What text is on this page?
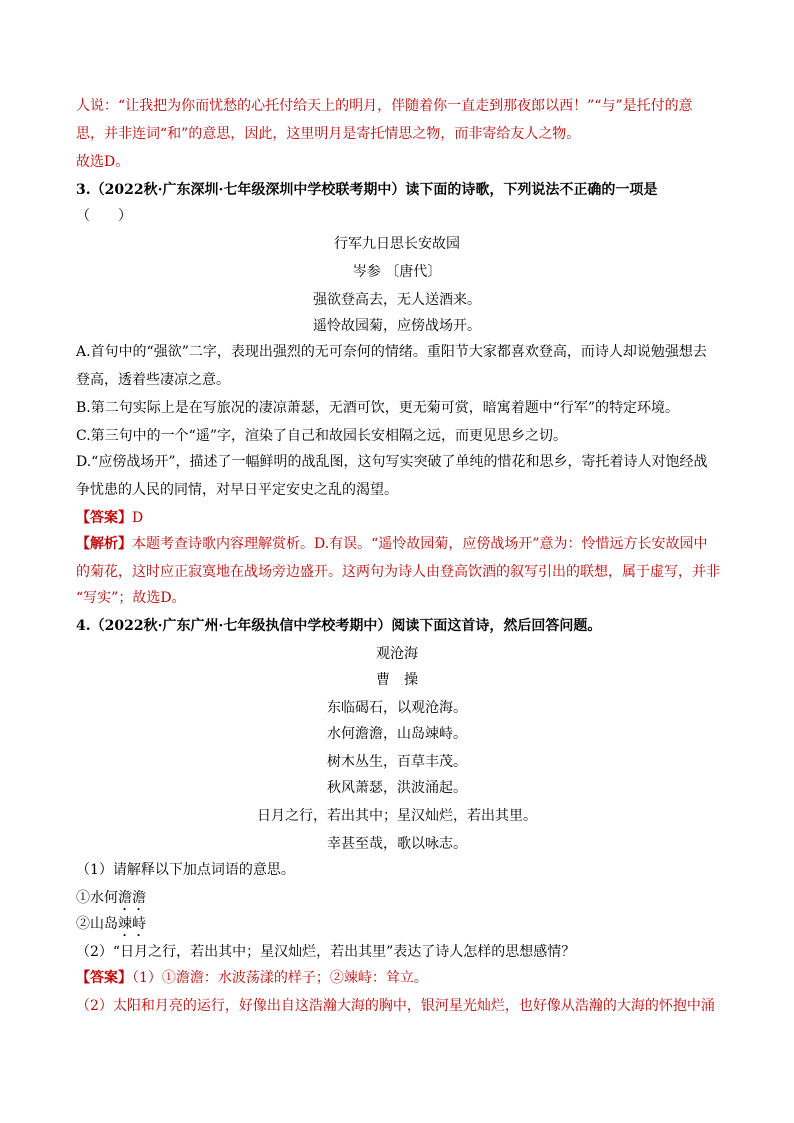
人说：“让我把为你而忧愁的心托付给天上的明月，伴随着你一直走到那夜郎以西！”“与”是托付的意
思，并非连词“和”的意思，因此，这里明月是寄托情思之物，而非寄给友人之物。
故选D。
3.（2022秋·广东深圳·七年级深圳中学校联考期中）读下面的诗歌，下列说法不正确的一项是
（　　）
行军九日思长安故园
岑参 〔唐代〕
强欲登高去，无人送酒来。
遥怜故园菊，应傍战场开。
A.首句中的“强欲”二字，表现出强烈的无可奈何的情绪。重阳节大家都喜欢登高，而诗人却说勉强想去
登高，透着些凄凉之意。
B.第二句实际上是在写旅况的凄凉萧瑟，无酒可饮，更无菊可赏，暗寓着题中“行军”的特定环境。
C.第三句中的一个“遥”字，渲染了自己和故园长安相隔之远，而更见思乡之切。
D.“应傍战场开”，描述了一幅鲜明的战乱图，这句写实突破了单纯的惜花和思乡，寄托着诗人对饱经战
争忧患的人民的同情，对早日平定安史之乱的渴望。
【答案】D
【解析】本题考查诗歌内容理解赏析。D.有误。“遥怜故园菊，应傍战场开”意为：怜惜远方长安故园中
的菊花，这时应正寂寞地在战场旁边盛开。这两句为诗人由登高饮酒的叙写引出的联想，属于虚写，并非
“写实”；故选D。
4.（2022秋·广东广州·七年级执信中学校考期中）阅读下面这首诗，然后回答问题。
观沧海
曹　操
东临碣石，以观沧海。
水何澹澹，山岛竦峙。
树木丛生，百草丰茂。
秋风萧瑟，洪波涌起。
日月之行，若出其中；星汉灿烂，若出其里。
幸甚至哉，歌以咏志。
（1）请解释以下加点词语的意思。
①水何澹澹
②山岛竦峙
（2）“日月之行，若出其中；星汉灿烂，若出其里”表达了诗人怎样的思想感情？
【答案】（1）①澹澹：水波荡漾的样子；②竦峙：耸立。
（2）太阳和月亮的运行，好像出自这浩瀚大海的胸中，银河星光灿烂，也好像从浩瀚的大海的怀抱中涌
